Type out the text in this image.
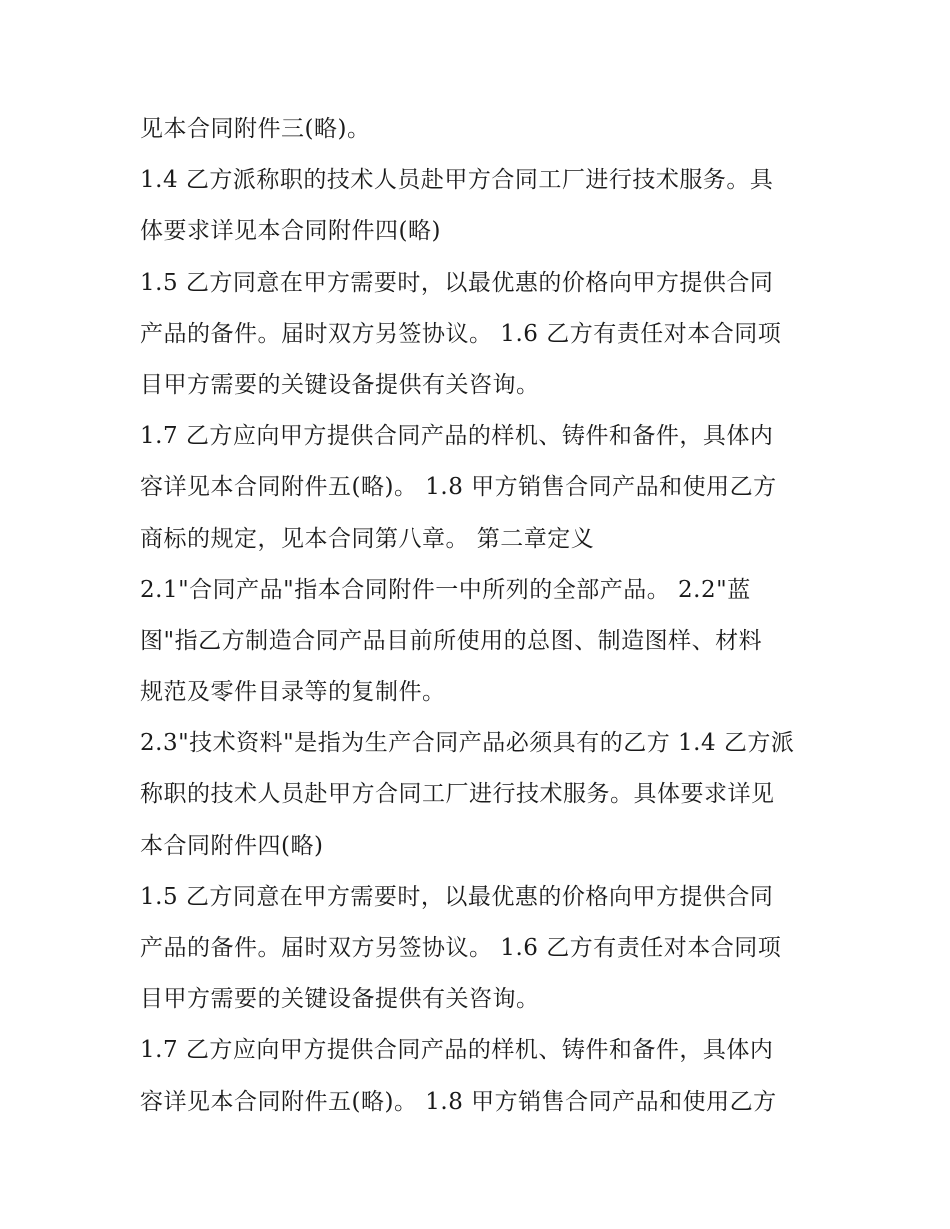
见本合同附件三(略)。
1.4 乙方派称职的技术人员赴甲方合同工厂进行技术服务。具
体要求详见本合同附件四(略)
1.5 乙方同意在甲方需要时，以最优惠的价格向甲方提供合同
产品的备件。届时双方另签协议。 1.6 乙方有责任对本合同项
目甲方需要的关键设备提供有关咨询。
1.7 乙方应向甲方提供合同产品的样机、铸件和备件，具体内
容详见本合同附件五(略)。 1.8 甲方销售合同产品和使用乙方
商标的规定，见本合同第八章。 第二章定义
2.1"合同产品"指本合同附件一中所列的全部产品。 2.2"蓝
图"指乙方制造合同产品目前所使用的总图、制造图样、材料
规范及零件目录等的复制件。
2.3"技术资料"是指为生产合同产品必须具有的乙方 1.4 乙方派
称职的技术人员赴甲方合同工厂进行技术服务。具体要求详见
本合同附件四(略)
1.5 乙方同意在甲方需要时，以最优惠的价格向甲方提供合同
产品的备件。届时双方另签协议。 1.6 乙方有责任对本合同项
目甲方需要的关键设备提供有关咨询。
1.7 乙方应向甲方提供合同产品的样机、铸件和备件，具体内
容详见本合同附件五(略)。 1.8 甲方销售合同产品和使用乙方
